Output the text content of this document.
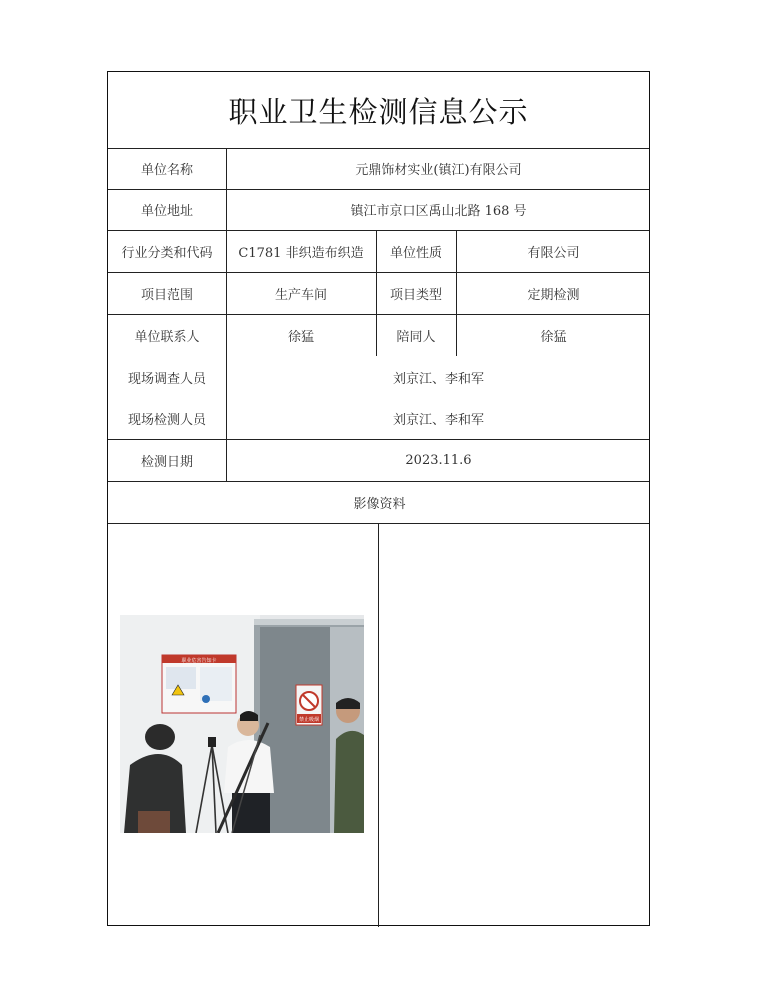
职业卫生检测信息公示
单位名称	元鼎饰材实业(镇江)有限公司
单位地址	镇江市京口区禹山北路 168 号
行业分类和代码	C1781 非织造布织造	单位性质	有限公司
项目范围	生产车间	项目类型	定期检测
单位联系人	徐猛	陪同人	徐猛
现场调查人员	刘京江、李和军
现场检测人员	刘京江、李和军
检测日期	2023.11.6
影像资料
职业危害告知卡
禁止吸烟
